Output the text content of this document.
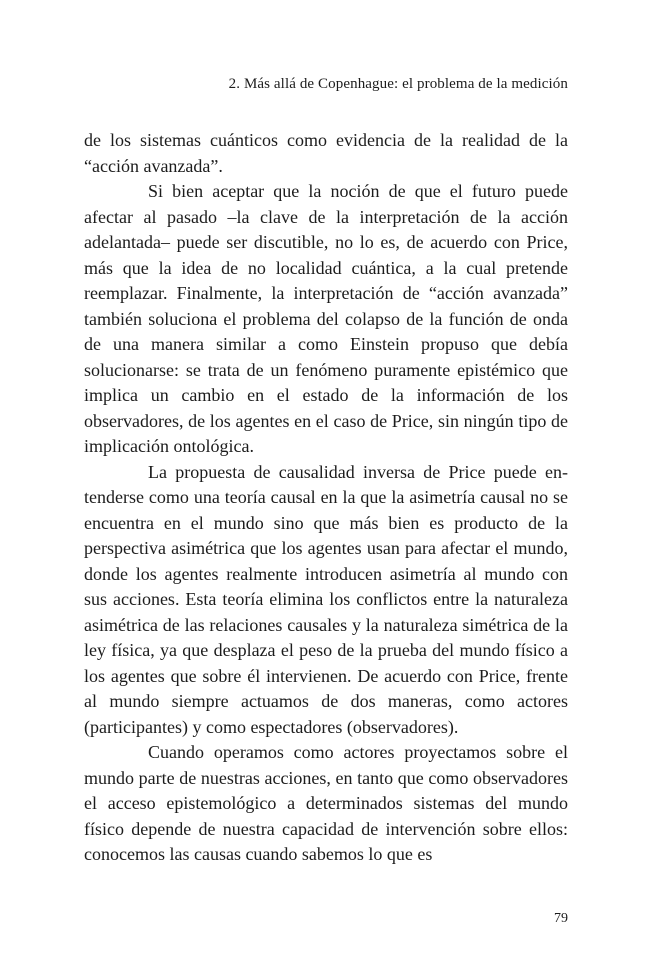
2. Más allá de Copenhague: el problema de la medición

de los sistemas cuánticos como evidencia de la realidad de la “acción avanzada”.

Si bien aceptar que la noción de que el futuro puede afectar al pasado –la clave de la interpretación de la acción adelantada– puede ser discutible, no lo es, de acuerdo con Price, más que la idea de no localidad cuántica, a la cual pretende reemplazar. Finalmente, la interpretación de “acción avanzada” también soluciona el problema del colapso de la función de onda de una manera similar a como Einstein propuso que debía solucionarse: se trata de un fenómeno puramente epistémico que implica un cambio en el estado de la información de los observadores, de los agentes en el caso de Price, sin ningún tipo de implicación ontológica.

La propuesta de causalidad inversa de Price puede entenderse como una teoría causal en la que la asimetría causal no se encuentra en el mundo sino que más bien es producto de la perspectiva asimétrica que los agentes usan para afectar el mundo, donde los agentes realmente introducen asimetría al mundo con sus acciones. Esta teoría elimina los conflictos entre la naturaleza asimétrica de las relaciones causales y la naturaleza simétrica de la ley física, ya que desplaza el peso de la prueba del mundo físico a los agentes que sobre él intervienen. De acuerdo con Price, frente al mundo siempre actuamos de dos maneras, como actores (participantes) y como espectadores (observadores).

Cuando operamos como actores proyectamos sobre el mundo parte de nuestras acciones, en tanto que como observadores el acceso epistemológico a determinados sistemas del mundo físico depende de nuestra capacidad de intervención sobre ellos: conocemos las causas cuando sabemos lo que es

79
